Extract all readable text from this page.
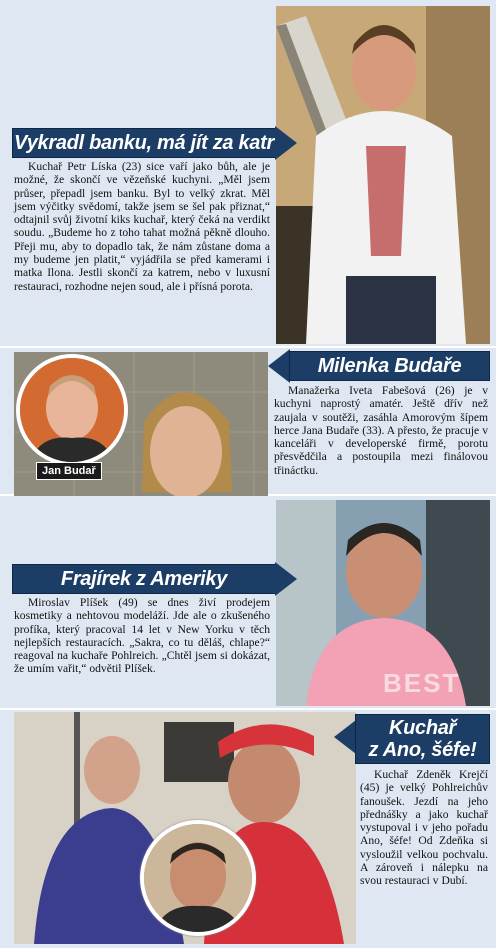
Vykradl banku, má jít za katr
Kuchař Petr Líska (23) sice vaří jako bůh, ale je možné, že skončí ve vězeňské kuchyni. „Měl jsem průser, přepadl jsem banku. Byl to velký zkrat. Měl jsem výčitky svědomí, takže jsem se šel pak přiznat,“ odtajnil svůj životní kiks kuchař, který čeká na verdikt soudu. „Budeme ho z toho tahat možná pěkně dlouho. Přeji mu, aby to dopadlo tak, že nám zůstane doma a my budeme jen platit,“ vyjádřila se před kamerami i matka Ilona. Jestli skončí za katrem, nebo v luxusní restauraci, rozhodne nejen soud, ale i přísná porota.
Jan Budař
Milenka Budaře
Manažerka Iveta Fabešová (26) je v kuchyni naprostý amatér. Ještě dřív než zaujala v soutěži, zasáhla Amorovým šípem herce Jana Budaře (33). A přesto, že pracuje v kanceláři v developerské firmě, porotu přesvědčila a postoupila mezi finálovou třináctku.
BEST
Frajírek z Ameriky
Miroslav Plíšek (49) se dnes živí prodejem kosmetiky a nehtovou modeláží. Jde ale o zkušeného profíka, který pracoval 14 let v New Yorku v těch nejlepších restauracích. „Sakra, co tu děláš, chlape?“ reagoval na kuchaře Pohlreich. „Chtěl jsem si dokázat, že umím vařit,“ odvětil Plíšek.
Kuchař
z Ano, šéfe!
Kuchař Zdeněk Krejčí (45) je velký Pohlreichův fanoušek. Jezdí na jeho přednášky a jako kuchař vystupoval i v jeho pořadu Ano, šéfe! Od Zdeňka si vysloužil velkou pochvalu. A zároveň i nálepku na svou restauraci v Dubí.
